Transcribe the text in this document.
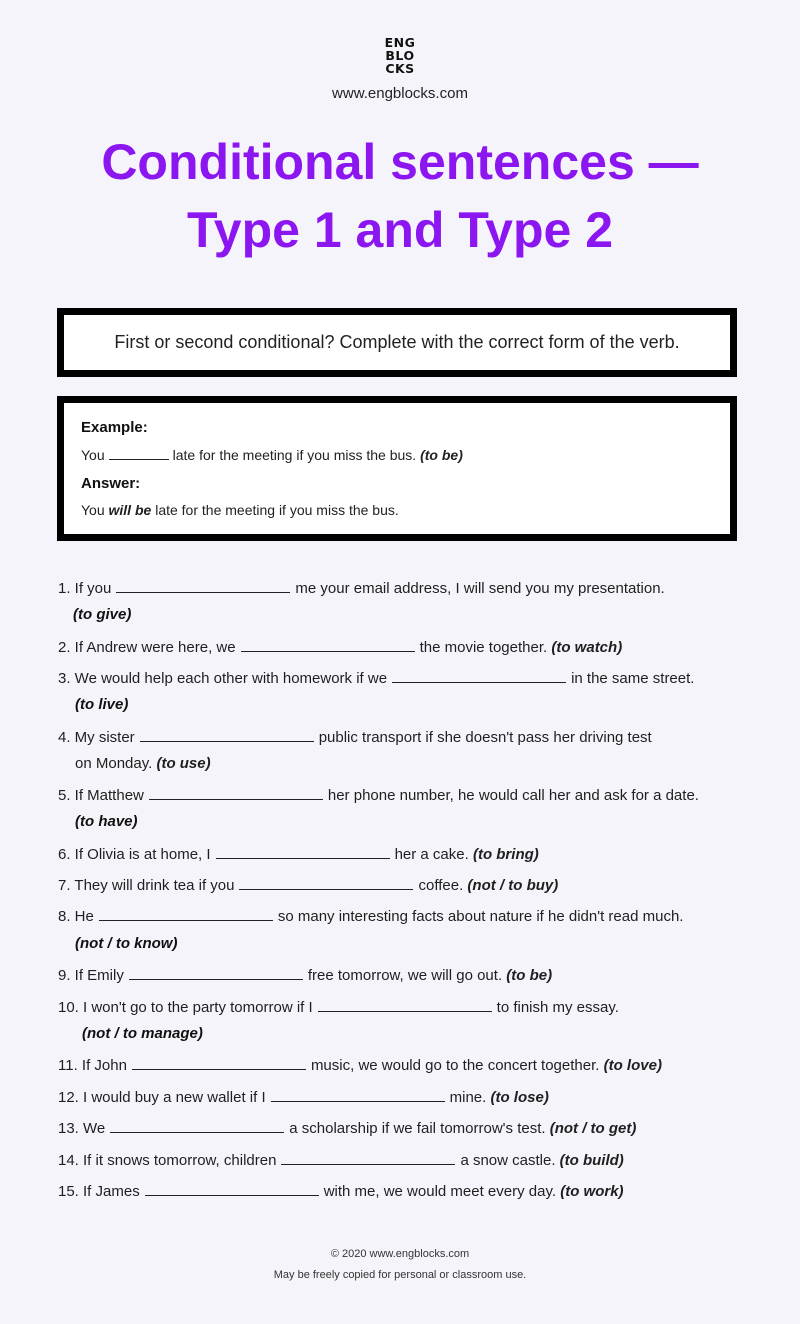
ENG
BLO
CKS
www.engblocks.com
Conditional sentences —
Type 1 and Type 2
First or second conditional? Complete with the correct form of the verb.
Example:
You	late for the meeting if you miss the bus. (to be)
Answer:
You will be late for the meeting if you miss the bus.
1. If you	me your email address, I will send you my presentation.
(to give)
2. If Andrew were here, we	the movie together. (to watch)
3. We would help each other with homework if we	in the same street.
(to live)
4. My sister	public transport if she doesn't pass her driving test
on Monday. (to use)
5. If Matthew	her phone number, he would call her and ask for a date.
(to have)
6. If Olivia is at home, I	her a cake. (to bring)
7. They will drink tea if you	coffee. (not / to buy)
8. He	so many interesting facts about nature if he didn't read much.
(not / to know)
9. If Emily	free tomorrow, we will go out. (to be)
10. I won't go to the party tomorrow if I	to finish my essay.
(not / to manage)
11. If John	music, we would go to the concert together. (to love)
12. I would buy a new wallet if I	mine. (to lose)
13. We	a scholarship if we fail tomorrow's test. (not / to get)
14. If it snows tomorrow, children	a snow castle. (to build)
15. If James	with me, we would meet every day. (to work)
© 2020 www.engblocks.com
May be freely copied for personal or classroom use.
